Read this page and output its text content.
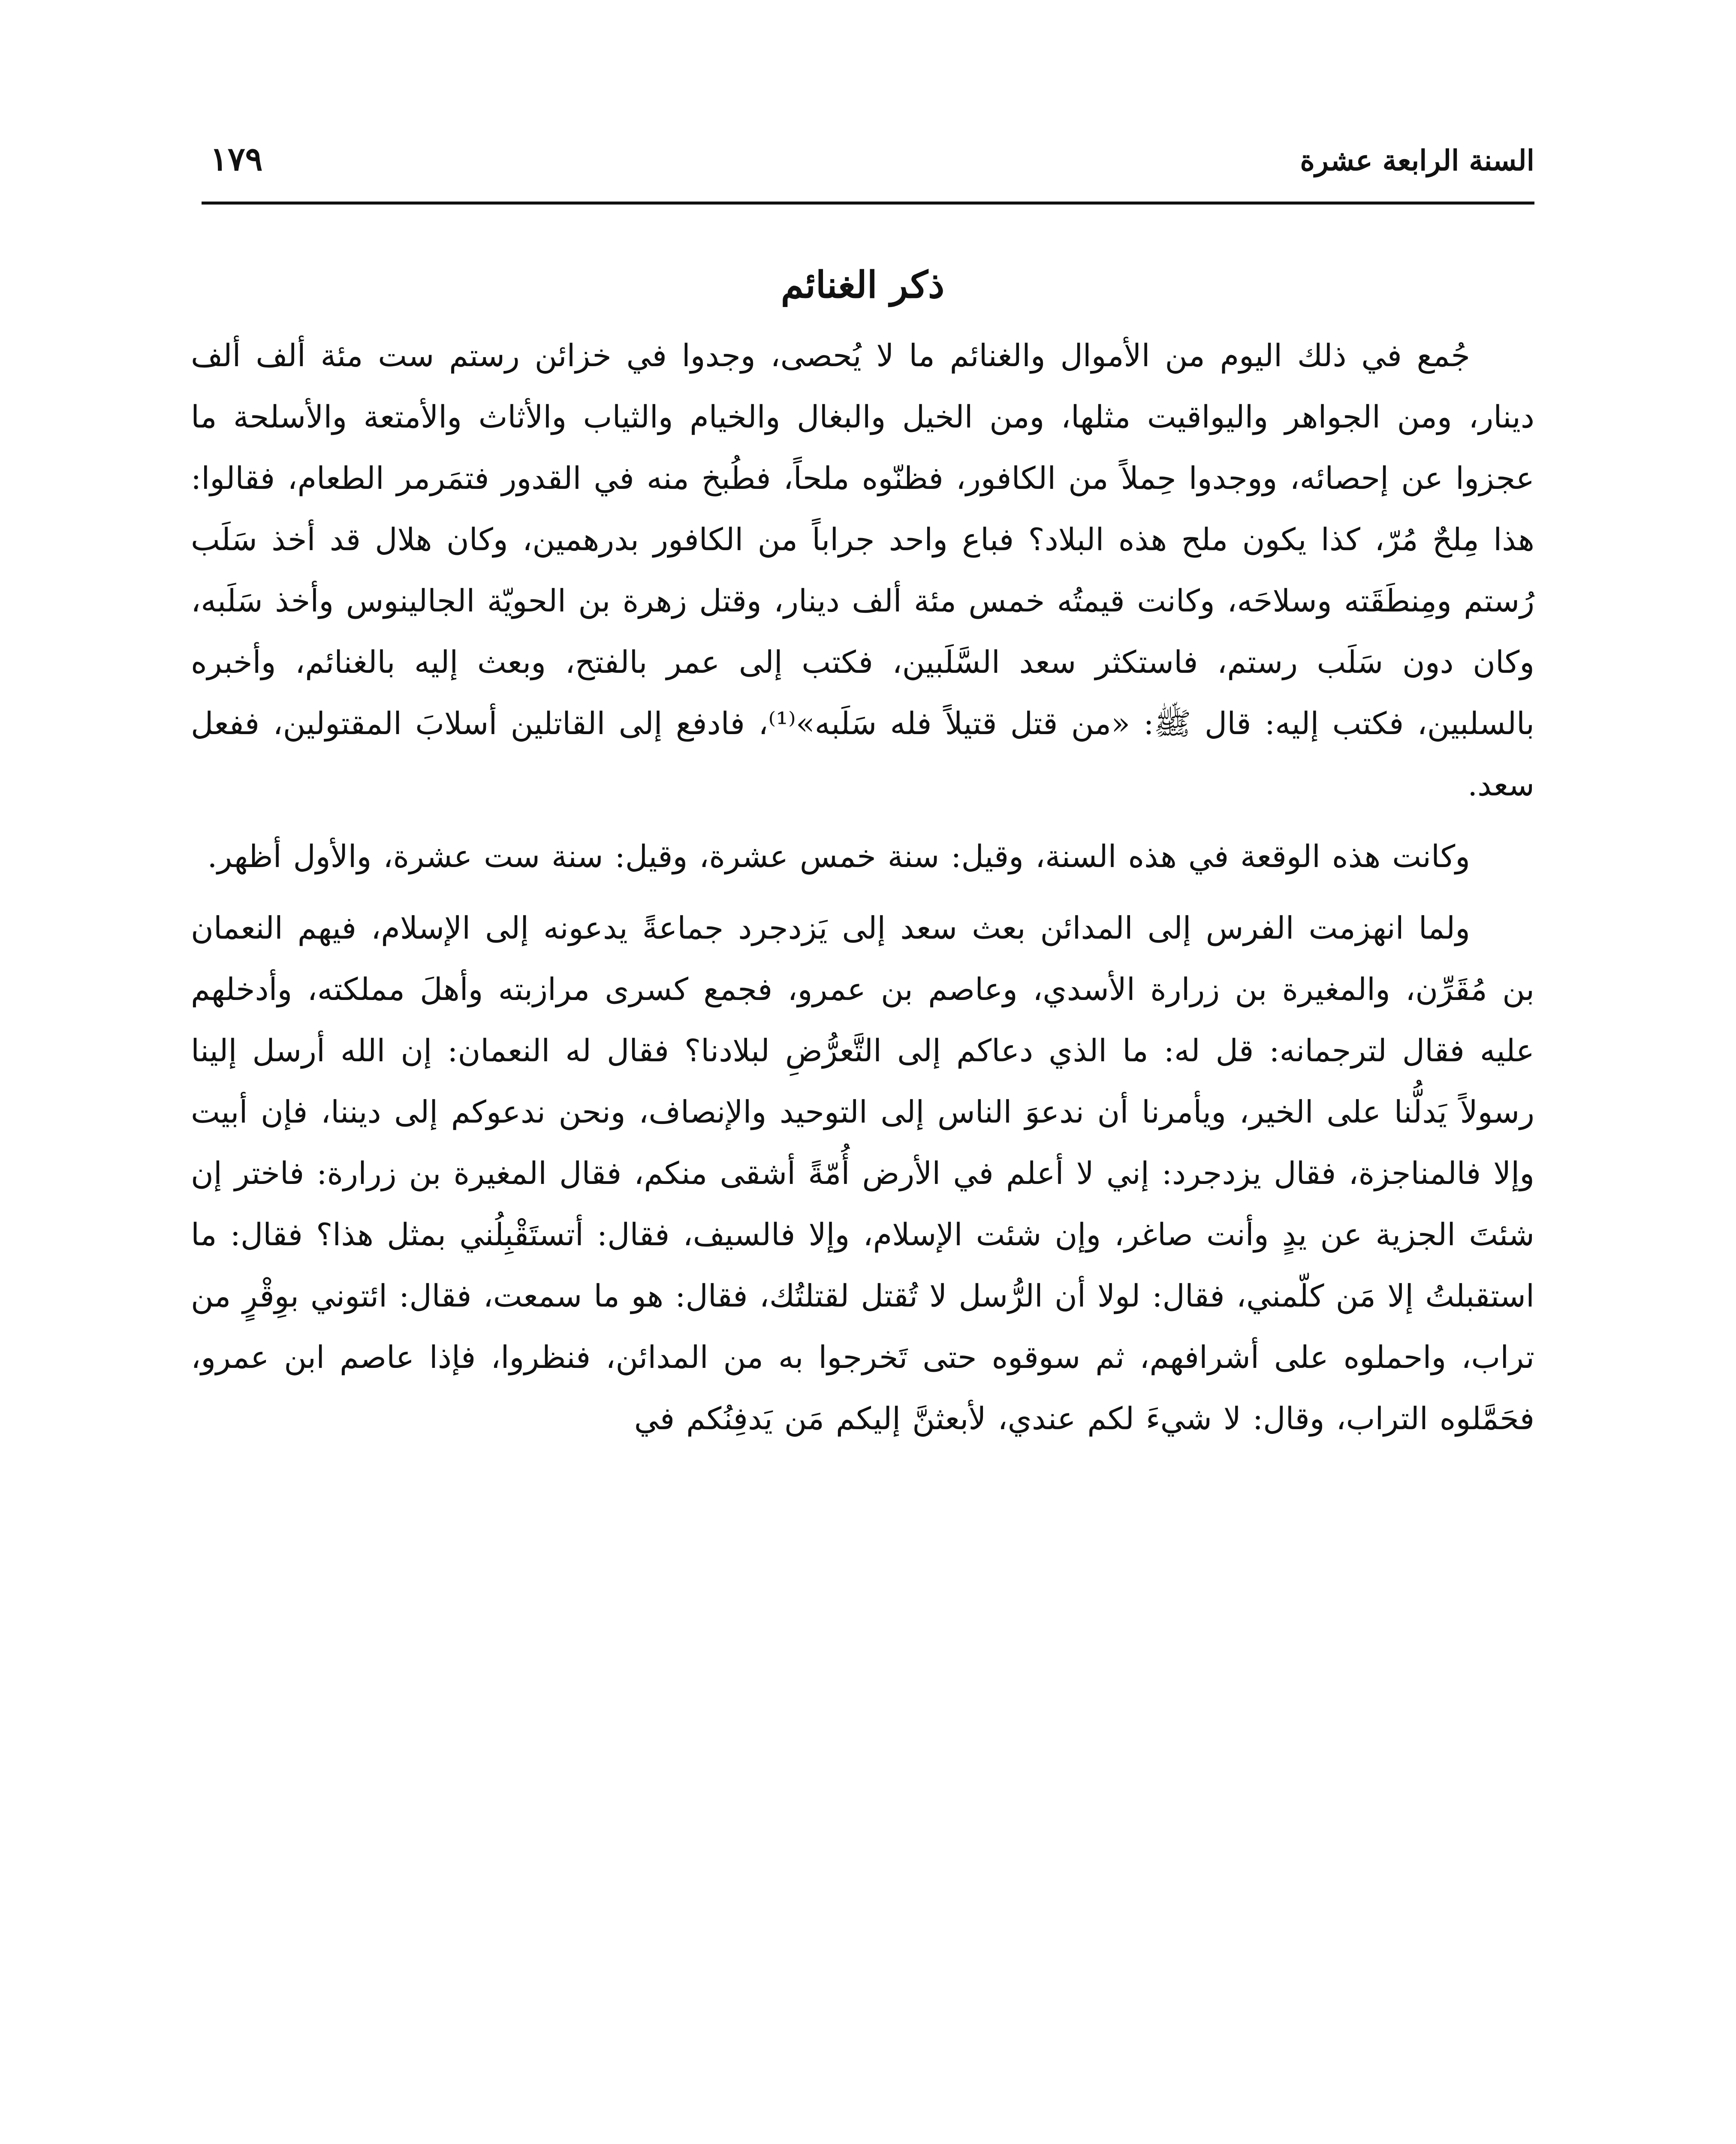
السنة الرابعة عشرة
١٧٩
ذكر الغنائم

جُمع في ذلك اليوم من الأموال والغنائم ما لا يُحصى، وجدوا في خزائن رستم ست مئة ألف ألف دينار، ومن الجواهر واليواقيت مثلها، ومن الخيل والبغال والخيام والثياب والأثاث والأمتعة والأسلحة ما عجزوا عن إحصائه، ووجدوا حِملاً من الكافور، فظنّوه ملحاً، فطُبخ منه في القدور فتمَرمر الطعام، فقالوا: هذا مِلحٌ مُرّ، كذا يكون ملح هذه البلاد؟ فباع واحد جراباً من الكافور بدرهمين، وكان هلال قد أخذ سَلَب رُستم ومِنطَقَته وسلاحَه، وكانت قيمتُه خمس مئة ألف دينار، وقتل زهرة بن الحويّة الجالينوس وأخذ سَلَبه، وكان دون سَلَب رستم، فاستكثر سعد السَّلَبين، فكتب إلى عمر بالفتح، وبعث إليه بالغنائم، وأخبره بالسلبين، فكتب إليه: قال ﷺ: «من قتل قتيلاً فله سَلَبه»⁽¹⁾، فادفع إلى القاتلين أسلابَ المقتولين، ففعل سعد.

وكانت هذه الوقعة في هذه السنة، وقيل: سنة خمس عشرة، وقيل: سنة ست عشرة، والأول أظهر.

ولما انهزمت الفرس إلى المدائن بعث سعد إلى يَزدجرد جماعةً يدعونه إلى الإسلام، فيهم النعمان بن مُقَرِّن، والمغيرة بن زرارة الأسدي، وعاصم بن عمرو، فجمع كسرى مرازبته وأهلَ مملكته، وأدخلهم عليه فقال لترجمانه: قل له: ما الذي دعاكم إلى التَّعرُّضِ لبلادنا؟ فقال له النعمان: إن الله أرسل إلينا رسولاً يَدلُّنا على الخير، ويأمرنا أن ندعوَ الناس إلى التوحيد والإنصاف، ونحن ندعوكم إلى ديننا، فإن أبيت وإلا فالمناجزة، فقال يزدجرد: إني لا أعلم في الأرض أُمّةً أشقى منكم، فقال المغيرة بن زرارة: فاختر إن شئتَ الجزية عن يدٍ وأنت صاغر، وإن شئت الإسلام، وإلا فالسيف، فقال: أتستَقْبِلُني بمثل هذا؟ فقال: ما استقبلتُ إلا مَن كلّمني، فقال: لولا أن الرُّسل لا تُقتل لقتلتُك، فقال: هو ما سمعت، فقال: ائتوني بوِقْرٍ من تراب، واحملوه على أشرافهم، ثم سوقوه حتى تَخرجوا به من المدائن، فنظروا، فإذا عاصم ابن عمرو، فحَمَّلوه التراب، وقال: لا شيءَ لكم عندي، لأبعثنَّ إليكم مَن يَدفِنُكم في
